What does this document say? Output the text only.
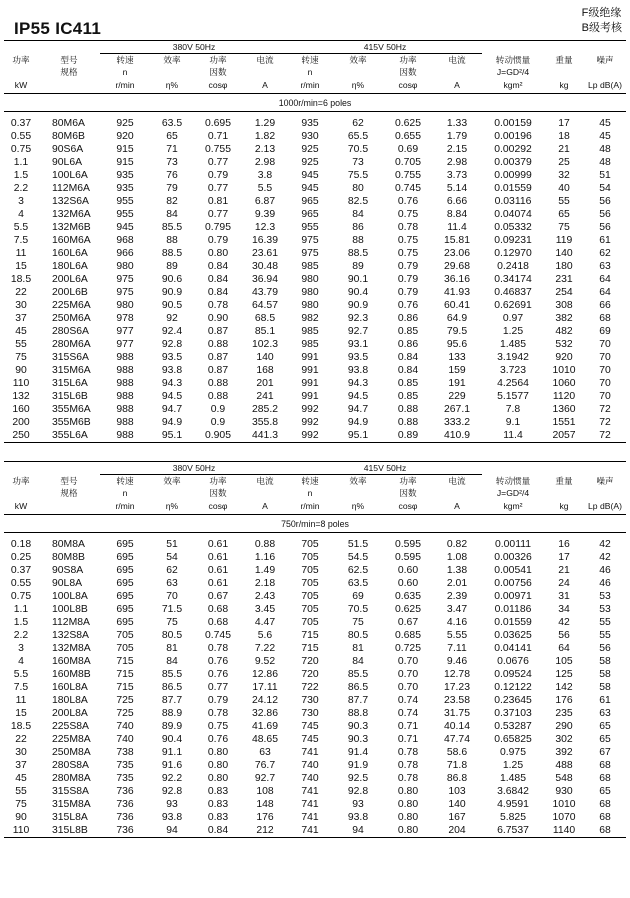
IP55 IC411
F级绝缘
B级考核

		380V 50Hz				415V 50Hz						
功率	型号	转速	效率	功率	电流	转速	效率	功率	电流	转动惯量	重量	噪声
	规格	n		因数		n		因数		J=GD²/4		
kW		r/min	η%	cosφ	A	r/min	η%	cosφ	A	kgm²	kg	Lp dB(A)
1000r/min=6 poles												

0.37	80M6A	925	63.5	0.695	1.29	935	62	0.625	1.33	0.00159	17	45
0.55	80M6B	920	65	0.71	1.82	930	65.5	0.655	1.79	0.00196	18	45
0.75	90S6A	915	71	0.755	2.13	925	70.5	0.69	2.15	0.00292	21	48
1.1	90L6A	915	73	0.77	2.98	925	73	0.705	2.98	0.00379	25	48
1.5	100L6A	935	76	0.79	3.8	945	75.5	0.755	3.73	0.00999	32	51
2.2	112M6A	935	79	0.77	5.5	945	80	0.745	5.14	0.01559	40	54
3	132S6A	955	82	0.81	6.87	965	82.5	0.76	6.66	0.03116	55	56
4	132M6A	955	84	0.77	9.39	965	84	0.75	8.84	0.04074	65	56
5.5	132M6B	945	85.5	0.795	12.3	955	86	0.78	11.4	0.05332	75	56
7.5	160M6A	968	88	0.79	16.39	975	88	0.75	15.81	0.09231	119	61
11	160L6A	966	88.5	0.80	23.61	975	88.5	0.75	23.06	0.12970	140	62
15	180L6A	980	89	0.84	30.48	985	89	0.79	29.68	0.2418	180	63
18.5	200L6A	975	90.6	0.84	36.94	980	90.1	0.79	36.16	0.34174	231	64
22	200L6B	975	90.9	0.84	43.79	980	90.4	0.79	41.93	0.46837	254	64
30	225M6A	980	90.5	0.78	64.57	980	90.9	0.76	60.41	0.62691	308	66
37	250M6A	978	92	0.90	68.5	982	92.3	0.86	64.9	0.97	382	68
45	280S6A	977	92.4	0.87	85.1	985	92.7	0.85	79.5	1.25	482	69
55	280M6A	977	92.8	0.88	102.3	985	93.1	0.86	95.6	1.485	532	70
75	315S6A	988	93.5	0.87	140	991	93.5	0.84	133	3.1942	920	70
90	315M6A	988	93.8	0.87	168	991	93.8	0.84	159	3.723	1010	70
110	315L6A	988	94.3	0.88	201	991	94.3	0.85	191	4.2564	1060	70
132	315L6B	988	94.5	0.88	241	991	94.5	0.85	229	5.1577	1120	70
160	355M6A	988	94.7	0.9	285.2	992	94.7	0.88	267.1	7.8	1360	72
200	355M6B	988	94.9	0.9	355.8	992	94.9	0.88	333.2	9.1	1551	72
250	355L6A	988	95.1	0.905	441.3	992	95.1	0.89	410.9	11.4	2057	72

		380V 50Hz				415V 50Hz						
功率	型号	转速	效率	功率	电流	转速	效率	功率	电流	转动惯量	重量	噪声
	规格	n		因数		n		因数		J=GD²/4		
kW		r/min	η%	cosφ	A	r/min	η%	cosφ	A	kgm²	kg	Lp dB(A)
750r/min=8 poles												

0.18	80M8A	695	51	0.61	0.88	705	51.5	0.595	0.82	0.00111	16	42
0.25	80M8B	695	54	0.61	1.16	705	54.5	0.595	1.08	0.00326	17	42
0.37	90S8A	695	62	0.61	1.49	705	62.5	0.60	1.38	0.00541	21	46
0.55	90L8A	695	63	0.61	2.18	705	63.5	0.60	2.01	0.00756	24	46
0.75	100L8A	695	70	0.67	2.43	705	69	0.635	2.39	0.00971	31	53
1.1	100L8B	695	71.5	0.68	3.45	705	70.5	0.625	3.47	0.01186	34	53
1.5	112M8A	695	75	0.68	4.47	705	75	0.67	4.16	0.01559	42	55
2.2	132S8A	705	80.5	0.745	5.6	715	80.5	0.685	5.55	0.03625	56	55
3	132M8A	705	81	0.78	7.22	715	81	0.725	7.11	0.04141	64	56
4	160M8A	715	84	0.76	9.52	720	84	0.70	9.46	0.0676	105	58
5.5	160M8B	715	85.5	0.76	12.86	720	85.5	0.70	12.78	0.09524	125	58
7.5	160L8A	715	86.5	0.77	17.11	722	86.5	0.70	17.23	0.12122	142	58
11	180L8A	725	87.7	0.79	24.12	730	87.7	0.74	23.58	0.23645	176	61
15	200L8A	725	88.9	0.78	32.86	730	88.8	0.74	31.75	0.37103	235	63
18.5	225S8A	740	89.9	0.75	41.69	745	90.3	0.71	40.14	0.53287	290	65
22	225M8A	740	90.4	0.76	48.65	745	90.3	0.71	47.74	0.65825	302	65
30	250M8A	738	91.1	0.80	63	741	91.4	0.78	58.6	0.975	392	67
37	280S8A	735	91.6	0.80	76.7	740	91.9	0.78	71.8	1.25	488	68
45	280M8A	735	92.2	0.80	92.7	740	92.5	0.78	86.8	1.485	548	68
55	315S8A	736	92.8	0.83	108	741	92.8	0.80	103	3.6842	930	65
75	315M8A	736	93	0.83	148	741	93	0.80	140	4.9591	1010	68
90	315L8A	736	93.8	0.83	176	741	93.8	0.80	167	5.825	1070	68
110	315L8B	736	94	0.84	212	741	94	0.80	204	6.7537	1140	68
